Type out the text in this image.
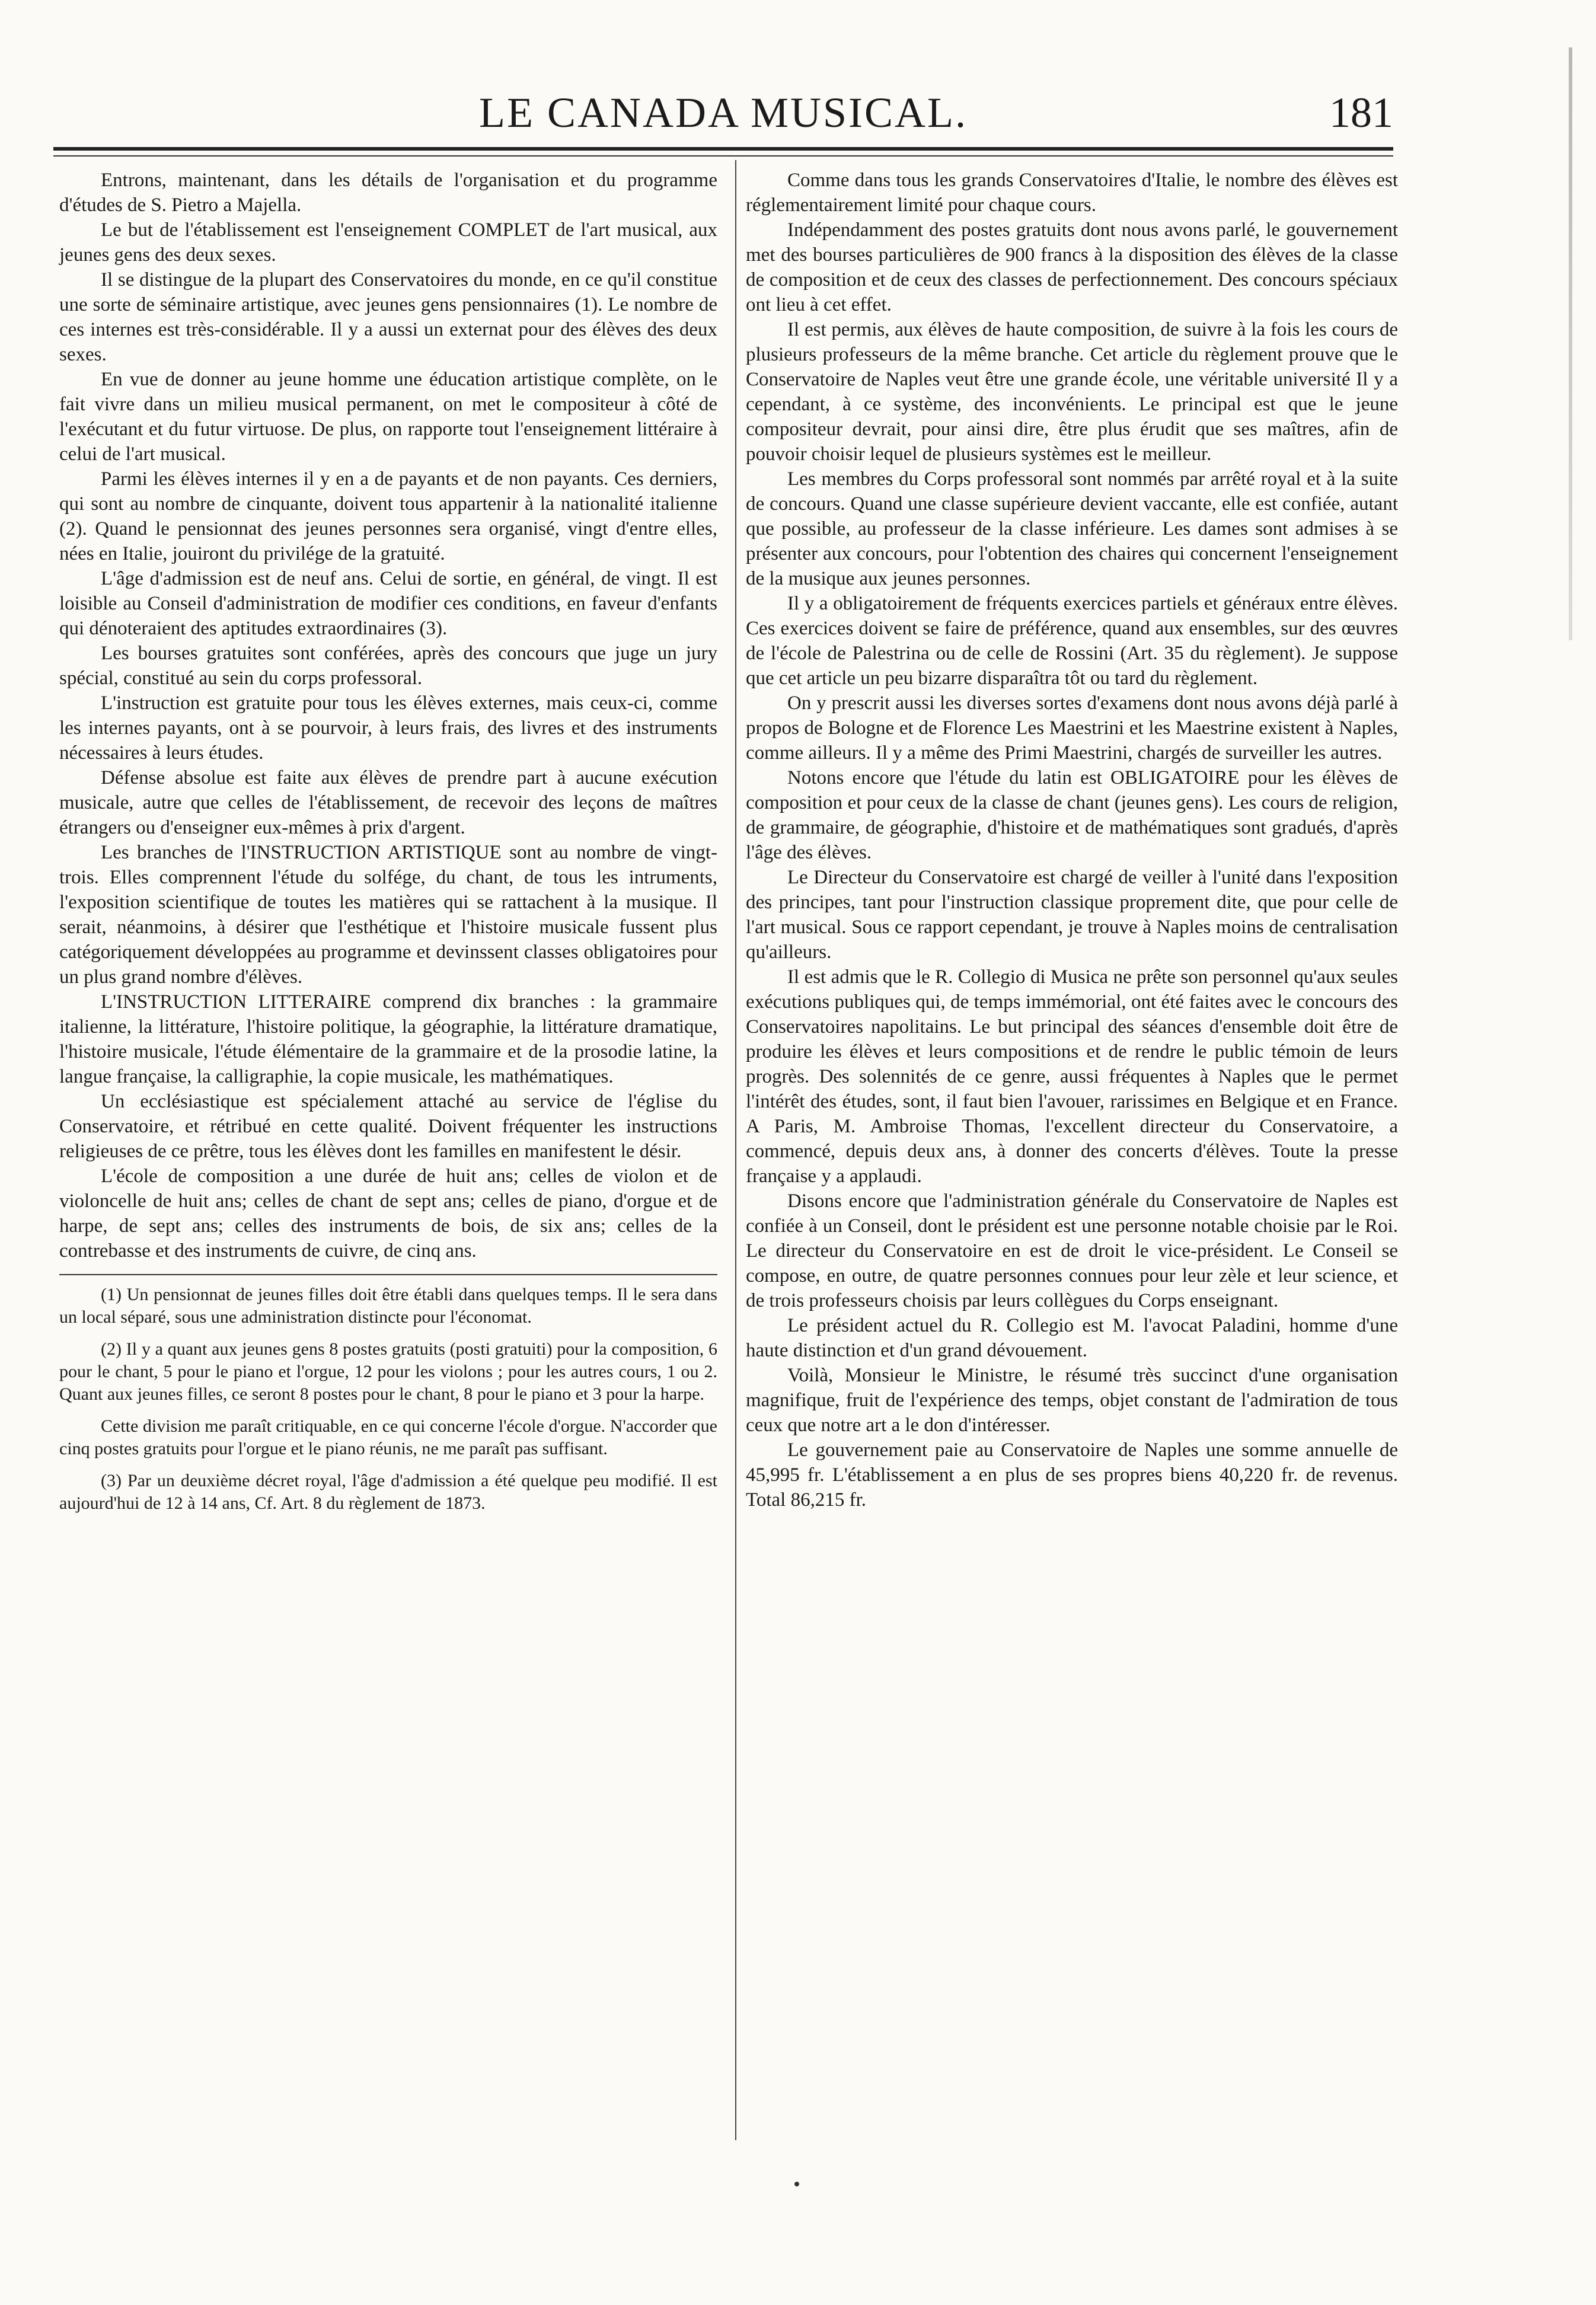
LE CANADA MUSICAL.	181

Entrons, maintenant, dans les détails de l'organisation et du programme d'études de S. Pietro a Majella.

Le but de l'établissement est l'enseignement COMPLET de l'art musical, aux jeunes gens des deux sexes.

Il se distingue de la plupart des Conservatoires du monde, en ce qu'il constitue une sorte de séminaire artistique, avec jeunes gens pensionnaires (1). Le nombre de ces internes est très-considérable. Il y a aussi un externat pour des élèves des deux sexes.

En vue de donner au jeune homme une éducation artistique complète, on le fait vivre dans un milieu musical permanent, on met le compositeur à côté de l'exécutant et du futur virtuose. De plus, on rapporte tout l'enseignement littéraire à celui de l'art musical.

Parmi les élèves internes il y en a de payants et de non payants. Ces derniers, qui sont au nombre de cinquante, doivent tous appartenir à la nationalité italienne (2). Quand le pensionnat des jeunes personnes sera organisé, vingt d'entre elles, nées en Italie, jouiront du privilége de la gratuité.

L'âge d'admission est de neuf ans. Celui de sortie, en général, de vingt. Il est loisible au Conseil d'administration de modifier ces conditions, en faveur d'enfants qui dénoteraient des aptitudes extraordinaires (3).

Les bourses gratuites sont conférées, après des concours que juge un jury spécial, constitué au sein du corps professoral.

L'instruction est gratuite pour tous les élèves externes, mais ceux-ci, comme les internes payants, ont à se pourvoir, à leurs frais, des livres et des instruments nécessaires à leurs études.

Défense absolue est faite aux élèves de prendre part à aucune exécution musicale, autre que celles de l'établissement, de recevoir des leçons de maîtres étrangers ou d'enseigner eux-mêmes à prix d'argent.

Les branches de l'INSTRUCTION ARTISTIQUE sont au nombre de vingt-trois. Elles comprennent l'étude du solfége, du chant, de tous les intruments, l'exposition scientifique de toutes les matières qui se rattachent à la musique. Il serait, néanmoins, à désirer que l'esthétique et l'histoire musicale fussent plus catégoriquement développées au programme et devinssent classes obligatoires pour un plus grand nombre d'élèves.

L'INSTRUCTION LITTERAIRE comprend dix branches : la grammaire italienne, la littérature, l'histoire politique, la géographie, la littérature dramatique, l'histoire musicale, l'étude élémentaire de la grammaire et de la prosodie latine, la langue française, la calligraphie, la copie musicale, les mathématiques.

Un ecclésiastique est spécialement attaché au service de l'église du Conservatoire, et rétribué en cette qualité. Doivent fréquenter les instructions religieuses de ce prêtre, tous les élèves dont les familles en manifestent le désir.

L'école de composition a une durée de huit ans; celles de violon et de violoncelle de huit ans; celles de chant de sept ans; celles de piano, d'orgue et de harpe, de sept ans; celles des instruments de bois, de six ans; celles de la contrebasse et des instruments de cuivre, de cinq ans.

(1) Un pensionnat de jeunes filles doit être établi dans quelques temps. Il le sera dans un local séparé, sous une administration distincte pour l'économat.

(2) Il y a quant aux jeunes gens 8 postes gratuits (posti gratuiti) pour la composition, 6 pour le chant, 5 pour le piano et l'orgue, 12 pour les violons ; pour les autres cours, 1 ou 2. Quant aux jeunes filles, ce seront 8 postes pour le chant, 8 pour le piano et 3 pour la harpe.

Cette division me paraît critiquable, en ce qui concerne l'école d'orgue. N'accorder que cinq postes gratuits pour l'orgue et le piano réunis, ne me paraît pas suffisant.

(3) Par un deuxième décret royal, l'âge d'admission a été quelque peu modifié. Il est aujourd'hui de 12 à 14 ans, Cf. Art. 8 du règlement de 1873.

Comme dans tous les grands Conservatoires d'Italie, le nombre des élèves est réglementairement limité pour chaque cours.

Indépendamment des postes gratuits dont nous avons parlé, le gouvernement met des bourses particulières de 900 francs à la disposition des élèves de la classe de composition et de ceux des classes de perfectionnement. Des concours spéciaux ont lieu à cet effet.

Il est permis, aux élèves de haute composition, de suivre à la fois les cours de plusieurs professeurs de la même branche. Cet article du règlement prouve que le Conservatoire de Naples veut être une grande école, une véritable université Il y a cependant, à ce système, des inconvénients. Le principal est que le jeune compositeur devrait, pour ainsi dire, être plus érudit que ses maîtres, afin de pouvoir choisir lequel de plusieurs systèmes est le meilleur.

Les membres du Corps professoral sont nommés par arrêté royal et à la suite de concours. Quand une classe supérieure devient vaccante, elle est confiée, autant que possible, au professeur de la classe inférieure. Les dames sont admises à se présenter aux concours, pour l'obtention des chaires qui concernent l'enseignement de la musique aux jeunes personnes.

Il y a obligatoirement de fréquents exercices partiels et généraux entre élèves. Ces exercices doivent se faire de préférence, quand aux ensembles, sur des œuvres de l'école de Palestrina ou de celle de Rossini (Art. 35 du règlement). Je suppose que cet article un peu bizarre disparaîtra tôt ou tard du règlement.

On y prescrit aussi les diverses sortes d'examens dont nous avons déjà parlé à propos de Bologne et de Florence Les Maestrini et les Maestrine existent à Naples, comme ailleurs. Il y a même des Primi Maestrini, chargés de surveiller les autres.

Notons encore que l'étude du latin est OBLIGATOIRE pour les élèves de composition et pour ceux de la classe de chant (jeunes gens). Les cours de religion, de grammaire, de géographie, d'histoire et de mathématiques sont gradués, d'après l'âge des élèves.

Le Directeur du Conservatoire est chargé de veiller à l'unité dans l'exposition des principes, tant pour l'instruction classique proprement dite, que pour celle de l'art musical. Sous ce rapport cependant, je trouve à Naples moins de centralisation qu'ailleurs.

Il est admis que le R. Collegio di Musica ne prête son personnel qu'aux seules exécutions publiques qui, de temps immémorial, ont été faites avec le concours des Conservatoires napolitains. Le but principal des séances d'ensemble doit être de produire les élèves et leurs compositions et de rendre le public témoin de leurs progrès. Des solennités de ce genre, aussi fréquentes à Naples que le permet l'intérêt des études, sont, il faut bien l'avouer, rarissimes en Belgique et en France. A Paris, M. Ambroise Thomas, l'excellent directeur du Conservatoire, a commencé, depuis deux ans, à donner des concerts d'élèves. Toute la presse française y a applaudi.

Disons encore que l'administration générale du Conservatoire de Naples est confiée à un Conseil, dont le président est une personne notable choisie par le Roi. Le directeur du Conservatoire en est de droit le vice-président. Le Conseil se compose, en outre, de quatre personnes connues pour leur zèle et leur science, et de trois professeurs choisis par leurs collègues du Corps enseignant.

Le président actuel du R. Collegio est M. l'avocat Paladini, homme d'une haute distinction et d'un grand dévouement.

Voilà, Monsieur le Ministre, le résumé très succinct d'une organisation magnifique, fruit de l'expérience des temps, objet constant de l'admiration de tous ceux que notre art a le don d'intéresser.

Le gouvernement paie au Conservatoire de Naples une somme annuelle de 45,995 fr. L'établissement a en plus de ses propres biens 40,220 fr. de revenus. Total 86,215 fr.
